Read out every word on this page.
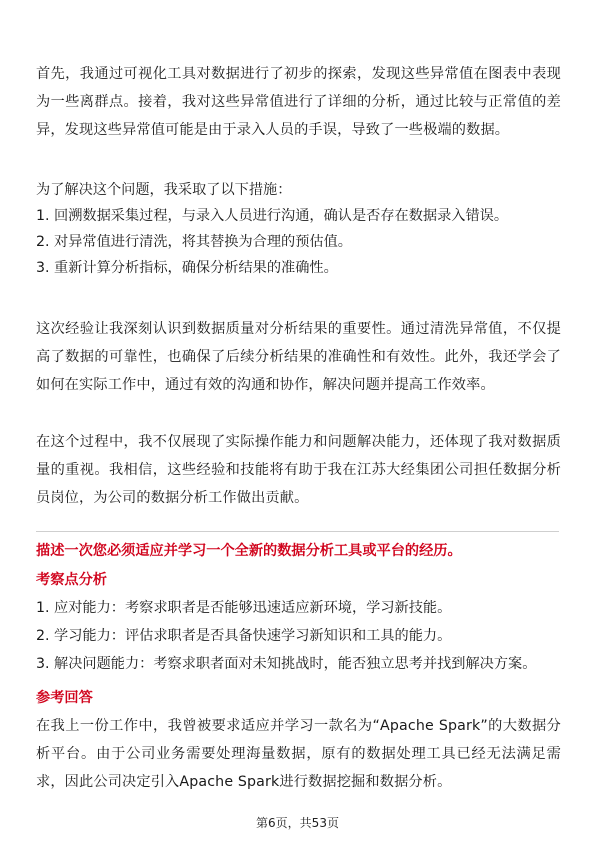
首先，我通过可视化工具对数据进行了初步的探索，发现这些异常值在图表中表现为一些离群点。接着，我对这些异常值进行了详细的分析，通过比较与正常值的差异，发现这些异常值可能是由于录入人员的手误，导致了一些极端的数据。

为了解决这个问题，我采取了以下措施：

1. 回溯数据采集过程，与录入人员进行沟通，确认是否存在数据录入错误。

2. 对异常值进行清洗，将其替换为合理的预估值。

3. 重新计算分析指标，确保分析结果的准确性。

这次经验让我深刻认识到数据质量对分析结果的重要性。通过清洗异常值，不仅提高了数据的可靠性，也确保了后续分析结果的准确性和有效性。此外，我还学会了如何在实际工作中，通过有效的沟通和协作，解决问题并提高工作效率。

在这个过程中，我不仅展现了实际操作能力和问题解决能力，还体现了我对数据质量的重视。我相信，这些经验和技能将有助于我在江苏大经集团公司担任数据分析员岗位，为公司的数据分析工作做出贡献。

描述一次您必须适应并学习一个全新的数据分析工具或平台的经历。

考察点分析

1. 应对能力：考察求职者是否能够迅速适应新环境，学习新技能。

2. 学习能力：评估求职者是否具备快速学习新知识和工具的能力。

3. 解决问题能力：考察求职者面对未知挑战时，能否独立思考并找到解决方案。

参考回答

在我上一份工作中，我曾被要求适应并学习一款名为“Apache Spark”的大数据分析平台。由于公司业务需要处理海量数据，原有的数据处理工具已经无法满足需求，因此公司决定引入Apache Spark进行数据挖掘和数据分析。

第6页，共53页
